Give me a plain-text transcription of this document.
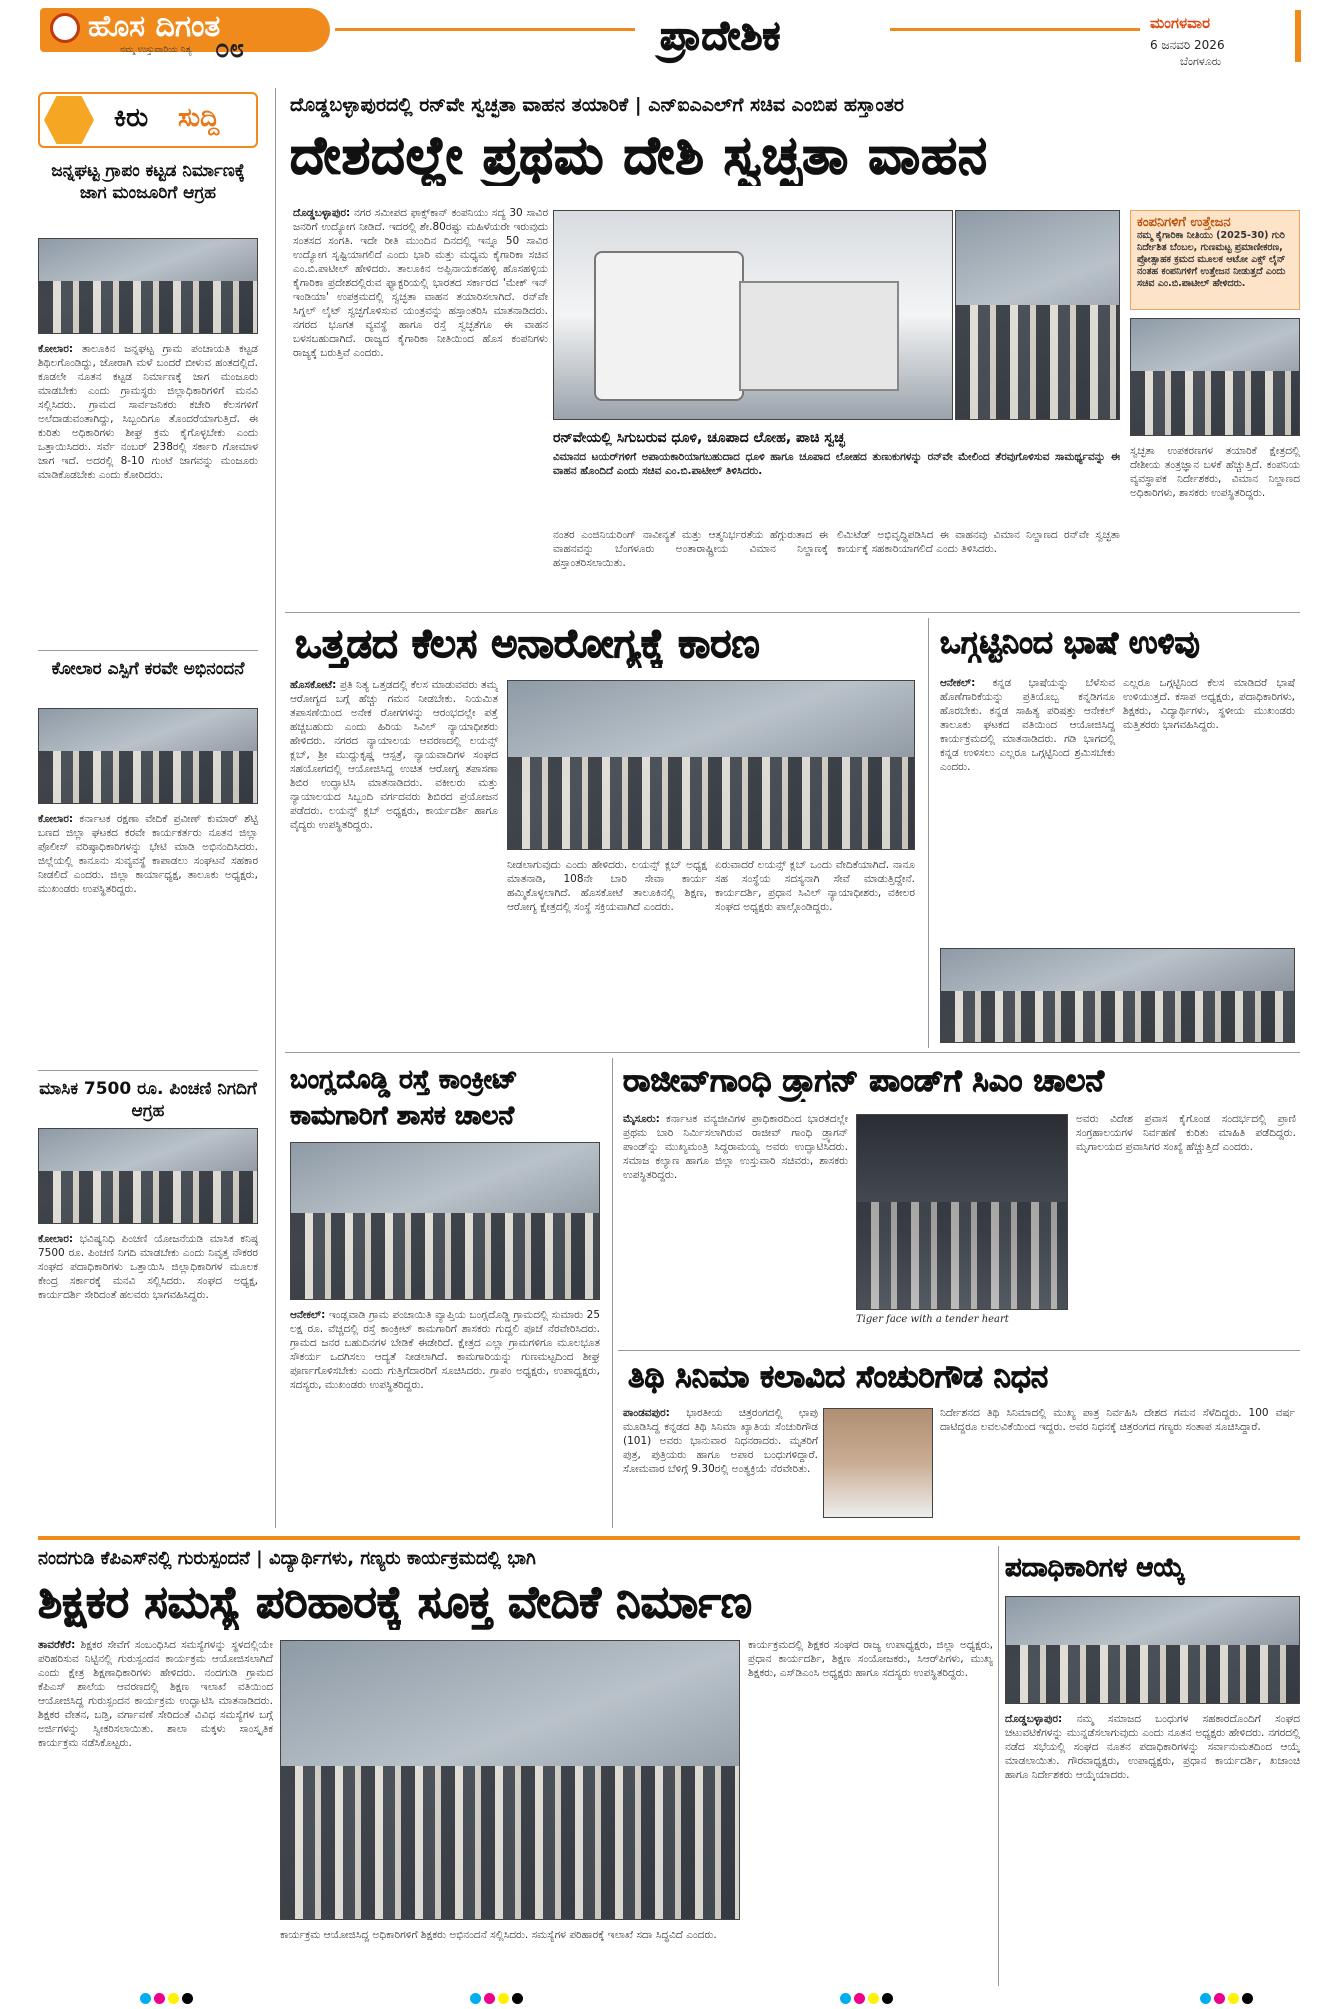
ಹೊಸ ದಿಗಂತ
ನಮ್ಮ ಉಸ್ತುವಾರಿಯ ನಿತ್ಯ ೦೮	ಪ್ರಾದೇಶಿಕ	ಮಂಗಳವಾರ
6 ಜನವರಿ 2026
ಬೆಂಗಳೂರು
ಕಿರು ಸುದ್ದಿ
ಜನ್ನಘಟ್ಟ ಗ್ರಾಪಂ ಕಟ್ಟಡ ನಿರ್ಮಾಣಕ್ಕೆ ಜಾಗ ಮಂಜೂರಿಗೆ ಆಗ್ರಹ
ಕೋಲಾರ: ತಾಲೂಕಿನ ಜನ್ನಘಟ್ಟ ಗ್ರಾಮ ಪಂಚಾಯತಿ ಕಟ್ಟಡ ಶಿಥಿಲಗೊಂಡಿದ್ದು, ಜೋರಾಗಿ ಮಳೆ ಬಂದರೆ ಬೀಳುವ ಹಂತದಲ್ಲಿದೆ. ಕೂಡಲೇ ನೂತನ ಕಟ್ಟಡ ನಿರ್ಮಾಣಕ್ಕೆ ಜಾಗ ಮಂಜೂರು ಮಾಡಬೇಕು ಎಂದು ಗ್ರಾಮಸ್ಥರು ಜಿಲ್ಲಾಧಿಕಾರಿಗಳಿಗೆ ಮನವಿ ಸಲ್ಲಿಸಿದರು. ಗ್ರಾಮದ ಸಾರ್ವಜನಿಕರು ಕಚೇರಿ ಕೆಲಸಗಳಿಗೆ ಅಲೆದಾಡುವಂತಾಗಿದ್ದು, ಸಿಬ್ಬಂದಿಗೂ ತೊಂದರೆಯಾಗುತ್ತಿದೆ. ಈ ಕುರಿತು ಅಧಿಕಾರಿಗಳು ಶೀಘ್ರ ಕ್ರಮ ಕೈಗೊಳ್ಳಬೇಕು ಎಂದು ಒತ್ತಾಯಿಸಿದರು. ಸರ್ವೆ ನಂಬರ್ 238ರಲ್ಲಿ ಸರ್ಕಾರಿ ಗೋಮಾಳ ಜಾಗ ಇದೆ. ಅದರಲ್ಲಿ 8-10 ಗುಂಟೆ ಜಾಗವನ್ನು ಮಂಜೂರು ಮಾಡಿಕೊಡಬೇಕು ಎಂದು ಕೋರಿದರು.
ಕೋಲಾರ ಎಸ್ಪಿಗೆ ಕರವೇ ಅಭಿನಂದನೆ
ಕೋಲಾರ: ಕರ್ನಾಟಕ ರಕ್ಷಣಾ ವೇದಿಕೆ ಪ್ರವೀಣ್ ಕುಮಾರ್ ಶೆಟ್ಟಿ ಬಣದ ಜಿಲ್ಲಾ ಘಟಕದ ಕರವೇ ಕಾರ್ಯಕರ್ತರು ನೂತನ ಜಿಲ್ಲಾ ಪೊಲೀಸ್ ವರಿಷ್ಠಾಧಿಕಾರಿಗಳನ್ನು ಭೇಟಿ ಮಾಡಿ ಅಭಿನಂದಿಸಿದರು. ಜಿಲ್ಲೆಯಲ್ಲಿ ಕಾನೂನು ಸುವ್ಯವಸ್ಥೆ ಕಾಪಾಡಲು ಸಂಘಟನೆ ಸಹಕಾರ ನೀಡಲಿದೆ ಎಂದರು. ಜಿಲ್ಲಾ ಕಾರ್ಯಾಧ್ಯಕ್ಷ, ತಾಲೂಕು ಅಧ್ಯಕ್ಷರು, ಮುಖಂಡರು ಉಪಸ್ಥಿತರಿದ್ದರು.
ಮಾಸಿಕ 7500 ರೂ. ಪಿಂಚಣಿ ನಿಗದಿಗೆ ಆಗ್ರಹ
ಕೋಲಾರ: ಭವಿಷ್ಯನಿಧಿ ಪಿಂಚಣಿ ಯೋಜನೆಯಡಿ ಮಾಸಿಕ ಕನಿಷ್ಠ 7500 ರೂ. ಪಿಂಚಣಿ ನಿಗದಿ ಮಾಡಬೇಕು ಎಂದು ನಿವೃತ್ತ ನೌಕರರ ಸಂಘದ ಪದಾಧಿಕಾರಿಗಳು ಒತ್ತಾಯಿಸಿ ಜಿಲ್ಲಾಧಿಕಾರಿಗಳ ಮೂಲಕ ಕೇಂದ್ರ ಸರ್ಕಾರಕ್ಕೆ ಮನವಿ ಸಲ್ಲಿಸಿದರು. ಸಂಘದ ಅಧ್ಯಕ್ಷ, ಕಾರ್ಯದರ್ಶಿ ಸೇರಿದಂತೆ ಹಲವರು ಭಾಗವಹಿಸಿದ್ದರು.
ದೊಡ್ಡಬಳ್ಳಾಪುರದಲ್ಲಿ ರನ್‌ವೇ ಸ್ವಚ್ಛತಾ ವಾಹನ ತಯಾರಿಕೆ | ಎನ್‌ಐಎಎಲ್‌ಗೆ ಸಚಿವ ಎಂಬಿಪ ಹಸ್ತಾಂತರ
ದೇಶದಲ್ಲೇ ಪ್ರಥಮ ದೇಶಿ ಸ್ವಚ್ಛತಾ ವಾಹನ
ದೊಡ್ಡಬಳ್ಳಾಪುರ: ನಗರ ಸಮೀಪದ ಫಾಕ್ಸ್‌ಕಾನ್ ಕಂಪನಿಯು ಸದ್ಯ 30 ಸಾವಿರ ಜನರಿಗೆ ಉದ್ಯೋಗ ನೀಡಿದೆ. ಇದರಲ್ಲಿ ಶೇ.80ರಷ್ಟು ಮಹಿಳೆಯರೇ ಇರುವುದು ಸಂತಸದ ಸಂಗತಿ. ಇದೇ ರೀತಿ ಮುಂದಿನ ದಿನದಲ್ಲಿ ಇನ್ನೂ 50 ಸಾವಿರ ಉದ್ಯೋಗ ಸೃಷ್ಟಿಯಾಗಲಿದೆ ಎಂದು ಭಾರಿ ಮತ್ತು ಮಧ್ಯಮ ಕೈಗಾರಿಕಾ ಸಚಿವ ಎಂ.ಬಿ.ಪಾಟೀಲ್ ಹೇಳಿದರು. ತಾಲೂಕಿನ ಅಪ್ಪಿನಾಯಕನಹಳ್ಳಿ ಹೊಸಹಳ್ಳಿಯ ಕೈಗಾರಿಕಾ ಪ್ರದೇಶದಲ್ಲಿರುವ ಫ್ಯಾಕ್ಟರಿಯಲ್ಲಿ ಭಾರತದ ಸರ್ಕಾರದ 'ಮೇಕ್ ಇನ್ ಇಂಡಿಯಾ' ಉಪಕ್ರಮದಲ್ಲಿ ಸ್ವಚ್ಛತಾ ವಾಹನ ತಯಾರಿಸಲಾಗಿದೆ. ರನ್‌ವೇ ಸಿಗ್ನಲ್ ಲೈಟ್ ಸ್ವಚ್ಛಗೊಳಿಸುವ ಯಂತ್ರವನ್ನು ಹಸ್ತಾಂತರಿಸಿ ಮಾತನಾಡಿದರು. ನಗರದ ಭೂಗತ ವ್ಯವಸ್ಥೆ ಹಾಗೂ ರಸ್ತೆ ಸ್ವಚ್ಛತೆಗೂ ಈ ವಾಹನ ಬಳಸಬಹುದಾಗಿದೆ. ರಾಜ್ಯದ ಕೈಗಾರಿಕಾ ನೀತಿಯಿಂದ ಹೊಸ ಕಂಪನಿಗಳು ರಾಜ್ಯಕ್ಕೆ ಬರುತ್ತಿವೆ ಎಂದರು.
ರನ್‌ವೇಯಲ್ಲಿ ಸಿಗುಬರುವ ಧೂಳಿ, ಚೂಪಾದ ಲೋಹ, ಪಾಚಿ ಸ್ವಚ್ಛ
ವಿಮಾನದ ಟಯರ್‌ಗಳಿಗೆ ಅಪಾಯಕಾರಿಯಾಗಬಹುದಾದ ಧೂಳಿ ಹಾಗೂ ಚೂಪಾದ ಲೋಹದ ತುಣುಕುಗಳನ್ನು ರನ್‌ವೇ ಮೇಲಿಂದ ತೆರವುಗೊಳಿಸುವ ಸಾಮರ್ಥ್ಯವನ್ನು ಈ ವಾಹನ ಹೊಂದಿದೆ ಎಂದು ಸಚಿವ ಎಂ.ಬಿ.ಪಾಟೀಲ್ ತಿಳಿಸಿದರು.
ನಂತರ ಎಂಜಿನಿಯರಿಂಗ್ ನಾವೀನ್ಯತೆ ಮತ್ತು ಆತ್ಮನಿರ್ಭರತೆಯ ಹೆಗ್ಗುರುತಾದ ಈ ವಾಹನವನ್ನು ಬೆಂಗಳೂರು ಅಂತಾರಾಷ್ಟ್ರೀಯ ವಿಮಾನ ನಿಲ್ದಾಣಕ್ಕೆ ಹಸ್ತಾಂತರಿಸಲಾಯಿತು.
ಲಿಮಿಟೆಡ್ ಅಭಿವೃದ್ಧಿಪಡಿಸಿದ ಈ ವಾಹನವು ವಿಮಾನ ನಿಲ್ದಾಣದ ರನ್‌ವೇ ಸ್ವಚ್ಛತಾ ಕಾರ್ಯಕ್ಕೆ ಸಹಕಾರಿಯಾಗಲಿದೆ ಎಂದು ತಿಳಿಸಿದರು.
ಕಂಪನಿಗಳಿಗೆ ಉತ್ತೇಜನ
ನಮ್ಮ ಕೈಗಾರಿಕಾ ನೀತಿಯು (2025-30) ಗುರಿ ನಿರ್ದೇಶಿತ ಬೆಂಬಲ, ಗುಣಮಟ್ಟ ಪ್ರಮಾಣೀಕರಣ, ಪ್ರೋತ್ಸಾಹಕ ಕ್ರಮದ ಮೂಲಕ ಆಟೋ ಎಕ್ಸ್ ಲೈನ್ ನಂತಹ ಕಂಪನಿಗಳಿಗೆ ಉತ್ತೇಜನ ನೀಡುತ್ತದೆ ಎಂದು ಸಚಿವ ಎಂ.ಬಿ.ಪಾಟೀಲ್ ಹೇಳಿದರು.
ಸ್ವಚ್ಛತಾ ಉಪಕರಣಗಳ ತಯಾರಿಕೆ ಕ್ಷೇತ್ರದಲ್ಲಿ ದೇಶೀಯ ತಂತ್ರಜ್ಞಾನ ಬಳಕೆ ಹೆಚ್ಚುತ್ತಿದೆ. ಕಂಪನಿಯ ವ್ಯವಸ್ಥಾಪಕ ನಿರ್ದೇಶಕರು, ವಿಮಾನ ನಿಲ್ದಾಣದ ಅಧಿಕಾರಿಗಳು, ಶಾಸಕರು ಉಪಸ್ಥಿತರಿದ್ದರು.
ಒತ್ತಡದ ಕೆಲಸ ಅನಾರೋಗ್ಯಕ್ಕೆ ಕಾರಣ
ಹೊಸಕೋಟೆ: ಪ್ರತಿ ನಿತ್ಯ ಒತ್ತಡದಲ್ಲಿ ಕೆಲಸ ಮಾಡುವವರು ತಮ್ಮ ಆರೋಗ್ಯದ ಬಗ್ಗೆ ಹೆಚ್ಚು ಗಮನ ನೀಡಬೇಕು. ನಿಯಮಿತ ತಪಾಸಣೆಯಿಂದ ಅನೇಕ ರೋಗಗಳನ್ನು ಆರಂಭದಲ್ಲೇ ಪತ್ತೆ ಹಚ್ಚಬಹುದು ಎಂದು ಹಿರಿಯ ಸಿವಿಲ್ ನ್ಯಾಯಾಧೀಶರು ಹೇಳಿದರು. ನಗರದ ನ್ಯಾಯಾಲಯ ಆವರಣದಲ್ಲಿ ಲಯನ್ಸ್ ಕ್ಲಬ್, ಶ್ರೀ ಮುದ್ದುಕೃಷ್ಣ ಆಸ್ಪತ್ರೆ, ನ್ಯಾಯವಾದಿಗಳ ಸಂಘದ ಸಹಯೋಗದಲ್ಲಿ ಆಯೋಜಿಸಿದ್ದ ಉಚಿತ ಆರೋಗ್ಯ ತಪಾಸಣಾ ಶಿಬಿರ ಉದ್ಘಾಟಿಸಿ ಮಾತನಾಡಿದರು. ವಕೀಲರು ಮತ್ತು ನ್ಯಾಯಾಲಯದ ಸಿಬ್ಬಂದಿ ವರ್ಗದವರು ಶಿಬಿರದ ಪ್ರಯೋಜನ ಪಡೆದರು. ಲಯನ್ಸ್ ಕ್ಲಬ್ ಅಧ್ಯಕ್ಷರು, ಕಾರ್ಯದರ್ಶಿ ಹಾಗೂ ವೈದ್ಯರು ಉಪಸ್ಥಿತರಿದ್ದರು.
ನೀಡಲಾಗುವುದು ಎಂದು ಹೇಳಿದರು. ಲಯನ್ಸ್ ಕ್ಲಬ್ ಅಧ್ಯಕ್ಷ ಮಾತನಾಡಿ, 108ನೇ ಬಾರಿ ಸೇವಾ ಕಾರ್ಯ ಹಮ್ಮಿಕೊಳ್ಳಲಾಗಿದೆ. ಹೊಸಕೋಟೆ ತಾಲೂಕಿನಲ್ಲಿ ಶಿಕ್ಷಣ, ಆರೋಗ್ಯ ಕ್ಷೇತ್ರದಲ್ಲಿ ಸಂಸ್ಥೆ ಸಕ್ರಿಯವಾಗಿದೆ ಎಂದರು.
ಏರುವಾದರೆ ಲಯನ್ಸ್ ಕ್ಲಬ್ ಒಂದು ವೇದಿಕೆಯಾಗಿದೆ. ನಾನೂ ಸಹ ಸಂಸ್ಥೆಯ ಸದಸ್ಯನಾಗಿ ಸೇವೆ ಮಾಡುತ್ತಿದ್ದೇನೆ. ಕಾರ್ಯದರ್ಶಿ, ಪ್ರಧಾನ ಸಿವಿಲ್ ನ್ಯಾಯಾಧೀಶರು, ವಕೀಲರ ಸಂಘದ ಅಧ್ಯಕ್ಷರು ಪಾಲ್ಗೊಂಡಿದ್ದರು.
ಒಗ್ಗಟ್ಟಿನಿಂದ ಭಾಷೆ ಉಳಿವು
ಆನೇಕಲ್: ಕನ್ನಡ ಭಾಷೆಯನ್ನು ಬೆಳೆಸುವ ಹೊಣೆಗಾರಿಕೆಯನ್ನು ಪ್ರತಿಯೊಬ್ಬ ಕನ್ನಡಿಗನೂ ಹೊರಬೇಕು. ಕನ್ನಡ ಸಾಹಿತ್ಯ ಪರಿಷತ್ತು ಆನೇಕಲ್ ತಾಲೂಕು ಘಟಕದ ವತಿಯಿಂದ ಆಯೋಜಿಸಿದ್ದ ಕಾರ್ಯಕ್ರಮದಲ್ಲಿ ಮಾತನಾಡಿದರು. ಗಡಿ ಭಾಗದಲ್ಲಿ ಕನ್ನಡ ಉಳಿಸಲು ಎಲ್ಲರೂ ಒಗ್ಗಟ್ಟಿನಿಂದ ಶ್ರಮಿಸಬೇಕು ಎಂದರು.
ಎಲ್ಲರೂ ಒಗ್ಗಟ್ಟಿನಿಂದ ಕೆಲಸ ಮಾಡಿದರೆ ಭಾಷೆ ಉಳಿಯುತ್ತದೆ. ಕಸಾಪ ಅಧ್ಯಕ್ಷರು, ಪದಾಧಿಕಾರಿಗಳು, ಶಿಕ್ಷಕರು, ವಿದ್ಯಾರ್ಥಿಗಳು, ಸ್ಥಳೀಯ ಮುಖಂಡರು ಮತ್ತಿತರರು ಭಾಗವಹಿಸಿದ್ದರು.
ಬಂಗ್ಲದೊಡ್ಡಿ ರಸ್ತೆ ಕಾಂಕ್ರೀಟ್ ಕಾಮಗಾರಿಗೆ ಶಾಸಕ ಚಾಲನೆ
ಆನೇಕಲ್: ಇಂಡ್ಲವಾಡಿ ಗ್ರಾಮ ಪಂಚಾಯಿತಿ ವ್ಯಾಪ್ತಿಯ ಬಂಗ್ಲದೊಡ್ಡಿ ಗ್ರಾಮದಲ್ಲಿ ಸುಮಾರು 25 ಲಕ್ಷ ರೂ. ವೆಚ್ಚದಲ್ಲಿ ರಸ್ತೆ ಕಾಂಕ್ರೀಟ್ ಕಾಮಗಾರಿಗೆ ಶಾಸಕರು ಗುದ್ದಲಿ ಪೂಜೆ ನೆರವೇರಿಸಿದರು. ಗ್ರಾಮದ ಜನರ ಬಹುದಿನಗಳ ಬೇಡಿಕೆ ಈಡೇರಿದೆ. ಕ್ಷೇತ್ರದ ಎಲ್ಲಾ ಗ್ರಾಮಗಳಿಗೂ ಮೂಲಭೂತ ಸೌಕರ್ಯ ಒದಗಿಸಲು ಆದ್ಯತೆ ನೀಡಲಾಗಿದೆ. ಕಾಮಗಾರಿಯನ್ನು ಗುಣಮಟ್ಟದಿಂದ ಶೀಘ್ರ ಪೂರ್ಣಗೊಳಿಸಬೇಕು ಎಂದು ಗುತ್ತಿಗೆದಾರರಿಗೆ ಸೂಚಿಸಿದರು. ಗ್ರಾಪಂ ಅಧ್ಯಕ್ಷರು, ಉಪಾಧ್ಯಕ್ಷರು, ಸದಸ್ಯರು, ಮುಖಂಡರು ಉಪಸ್ಥಿತರಿದ್ದರು.
ರಾಜೀವ್‌ಗಾಂಧಿ ಡ್ರ್ಯಾಗನ್ ಪಾಂಡ್‌ಗೆ ಸಿಎಂ ಚಾಲನೆ
ಮೈಸೂರು: ಕರ್ನಾಟಕ ವನ್ಯಜೀವಿಗಳ ಪ್ರಾಧಿಕಾರದಿಂದ ಭಾರತದಲ್ಲೇ ಪ್ರಥಮ ಬಾರಿ ನಿರ್ಮಿಸಲಾಗಿರುವ ರಾಜೀವ್ ಗಾಂಧಿ ಡ್ರ್ಯಾಗನ್ ಪಾಂಡ್‌ನ್ನು ಮುಖ್ಯಮಂತ್ರಿ ಸಿದ್ದರಾಮಯ್ಯ ಅವರು ಉದ್ಘಾಟಿಸಿದರು. ಸಮಾಜ ಕಲ್ಯಾಣ ಹಾಗೂ ಜಿಲ್ಲಾ ಉಸ್ತುವಾರಿ ಸಚಿವರು, ಶಾಸಕರು ಉಪಸ್ಥಿತರಿದ್ದರು.
Tiger face with a tender heart
ಅವರು ವಿದೇಶ ಪ್ರವಾಸ ಕೈಗೊಂಡ ಸಂದರ್ಭದಲ್ಲಿ ಪ್ರಾಣಿ ಸಂಗ್ರಹಾಲಯಗಳ ನಿರ್ವಹಣೆ ಕುರಿತು ಮಾಹಿತಿ ಪಡೆದಿದ್ದರು. ಮೃಗಾಲಯದ ಪ್ರವಾಸಿಗರ ಸಂಖ್ಯೆ ಹೆಚ್ಚುತ್ತಿದೆ ಎಂದರು.
ತಿಥಿ ಸಿನಿಮಾ ಕಲಾವಿದ ಸೆಂಚುರಿಗೌಡ ನಿಧನ
ಪಾಂಡವಪುರ: ಭಾರತೀಯ ಚಿತ್ರರಂಗದಲ್ಲಿ ಛಾಪು ಮೂಡಿಸಿದ್ದ ಕನ್ನಡದ ತಿಥಿ ಸಿನಿಮಾ ಖ್ಯಾತಿಯ ಸೆಂಚುರಿಗೌಡ (101) ಅವರು ಭಾನುವಾರ ನಿಧನರಾದರು. ಮೃತರಿಗೆ ಪುತ್ರ, ಪುತ್ರಿಯರು ಹಾಗೂ ಅಪಾರ ಬಂಧುಗಳಿದ್ದಾರೆ. ಸೋಮವಾರ ಬೆಳಿಗ್ಗೆ 9.30ರಲ್ಲಿ ಅಂತ್ಯಕ್ರಿಯೆ ನೆರವೇರಿತು.
ನಿರ್ದೇಶನದ ತಿಥಿ ಸಿನಿಮಾದಲ್ಲಿ ಮುಖ್ಯ ಪಾತ್ರ ನಿರ್ವಹಿಸಿ ದೇಶದ ಗಮನ ಸೆಳೆದಿದ್ದರು. 100 ವರ್ಷ ದಾಟಿದ್ದರೂ ಲವಲವಿಕೆಯಿಂದ ಇದ್ದರು. ಅವರ ನಿಧನಕ್ಕೆ ಚಿತ್ರರಂಗದ ಗಣ್ಯರು ಸಂತಾಪ ಸೂಚಿಸಿದ್ದಾರೆ.
ನಂದಗುಡಿ ಕೆಪಿಎಸ್‌ನಲ್ಲಿ ಗುರುಸ್ಪಂದನೆ | ವಿದ್ಯಾರ್ಥಿಗಳು, ಗಣ್ಯರು ಕಾರ್ಯಕ್ರಮದಲ್ಲಿ ಭಾಗಿ
ಶಿಕ್ಷಕರ ಸಮಸ್ಯೆ ಪರಿಹಾರಕ್ಕೆ ಸೂಕ್ತ ವೇದಿಕೆ ನಿರ್ಮಾಣ
ತಾವರೆಕೆರೆ: ಶಿಕ್ಷಕರ ಸೇವೆಗೆ ಸಂಬಂಧಿಸಿದ ಸಮಸ್ಯೆಗಳನ್ನು ಸ್ಥಳದಲ್ಲಿಯೇ ಪರಿಹರಿಸುವ ನಿಟ್ಟಿನಲ್ಲಿ ಗುರುಸ್ಪಂದನ ಕಾರ್ಯಕ್ರಮ ಆಯೋಜಿಸಲಾಗಿದೆ ಎಂದು ಕ್ಷೇತ್ರ ಶಿಕ್ಷಣಾಧಿಕಾರಿಗಳು ಹೇಳಿದರು. ನಂದಗುಡಿ ಗ್ರಾಮದ ಕೆಪಿಎಸ್ ಶಾಲೆಯ ಆವರಣದಲ್ಲಿ ಶಿಕ್ಷಣ ಇಲಾಖೆ ವತಿಯಿಂದ ಆಯೋಜಿಸಿದ್ದ ಗುರುಸ್ಪಂದನ ಕಾರ್ಯಕ್ರಮ ಉದ್ಘಾಟಿಸಿ ಮಾತನಾಡಿದರು. ಶಿಕ್ಷಕರ ವೇತನ, ಬಡ್ತಿ, ವರ್ಗಾವಣೆ ಸೇರಿದಂತೆ ವಿವಿಧ ಸಮಸ್ಯೆಗಳ ಬಗ್ಗೆ ಅರ್ಜಿಗಳನ್ನು ಸ್ವೀಕರಿಸಲಾಯಿತು. ಶಾಲಾ ಮಕ್ಕಳು ಸಾಂಸ್ಕೃತಿಕ ಕಾರ್ಯಕ್ರಮ ನಡೆಸಿಕೊಟ್ಟರು.
ಕಾರ್ಯಕ್ರಮದಲ್ಲಿ ಶಿಕ್ಷಕರ ಸಂಘದ ರಾಜ್ಯ ಉಪಾಧ್ಯಕ್ಷರು, ಜಿಲ್ಲಾ ಅಧ್ಯಕ್ಷರು, ಪ್ರಧಾನ ಕಾರ್ಯದರ್ಶಿ, ಶಿಕ್ಷಣ ಸಂಯೋಜಕರು, ಸಿಆರ್‌ಪಿಗಳು, ಮುಖ್ಯ ಶಿಕ್ಷಕರು, ಎಸ್‌ಡಿಎಂಸಿ ಅಧ್ಯಕ್ಷರು ಹಾಗೂ ಸದಸ್ಯರು ಉಪಸ್ಥಿತರಿದ್ದರು.
ಕಾರ್ಯಕ್ರಮ ಆಯೋಜಿಸಿದ್ದ ಅಧಿಕಾರಿಗಳಿಗೆ ಶಿಕ್ಷಕರು ಅಭಿನಂದನೆ ಸಲ್ಲಿಸಿದರು. ಸಮಸ್ಯೆಗಳ ಪರಿಹಾರಕ್ಕೆ ಇಲಾಖೆ ಸದಾ ಸಿದ್ಧವಿದೆ ಎಂದರು.
ಪದಾಧಿಕಾರಿಗಳ ಆಯ್ಕೆ
ದೊಡ್ಡಬಳ್ಳಾಪುರ: ನಮ್ಮ ಸಮಾಜದ ಬಂಧುಗಳ ಸಹಕಾರದೊಂದಿಗೆ ಸಂಘದ ಚಟುವಟಿಕೆಗಳನ್ನು ಮುನ್ನಡೆಸಲಾಗುವುದು ಎಂದು ನೂತನ ಅಧ್ಯಕ್ಷರು ಹೇಳಿದರು. ನಗರದಲ್ಲಿ ನಡೆದ ಸಭೆಯಲ್ಲಿ ಸಂಘದ ನೂತನ ಪದಾಧಿಕಾರಿಗಳನ್ನು ಸರ್ವಾನುಮತದಿಂದ ಆಯ್ಕೆ ಮಾಡಲಾಯಿತು. ಗೌರವಾಧ್ಯಕ್ಷರು, ಉಪಾಧ್ಯಕ್ಷರು, ಪ್ರಧಾನ ಕಾರ್ಯದರ್ಶಿ, ಖಜಾಂಚಿ ಹಾಗೂ ನಿರ್ದೇಶಕರು ಆಯ್ಕೆಯಾದರು.
